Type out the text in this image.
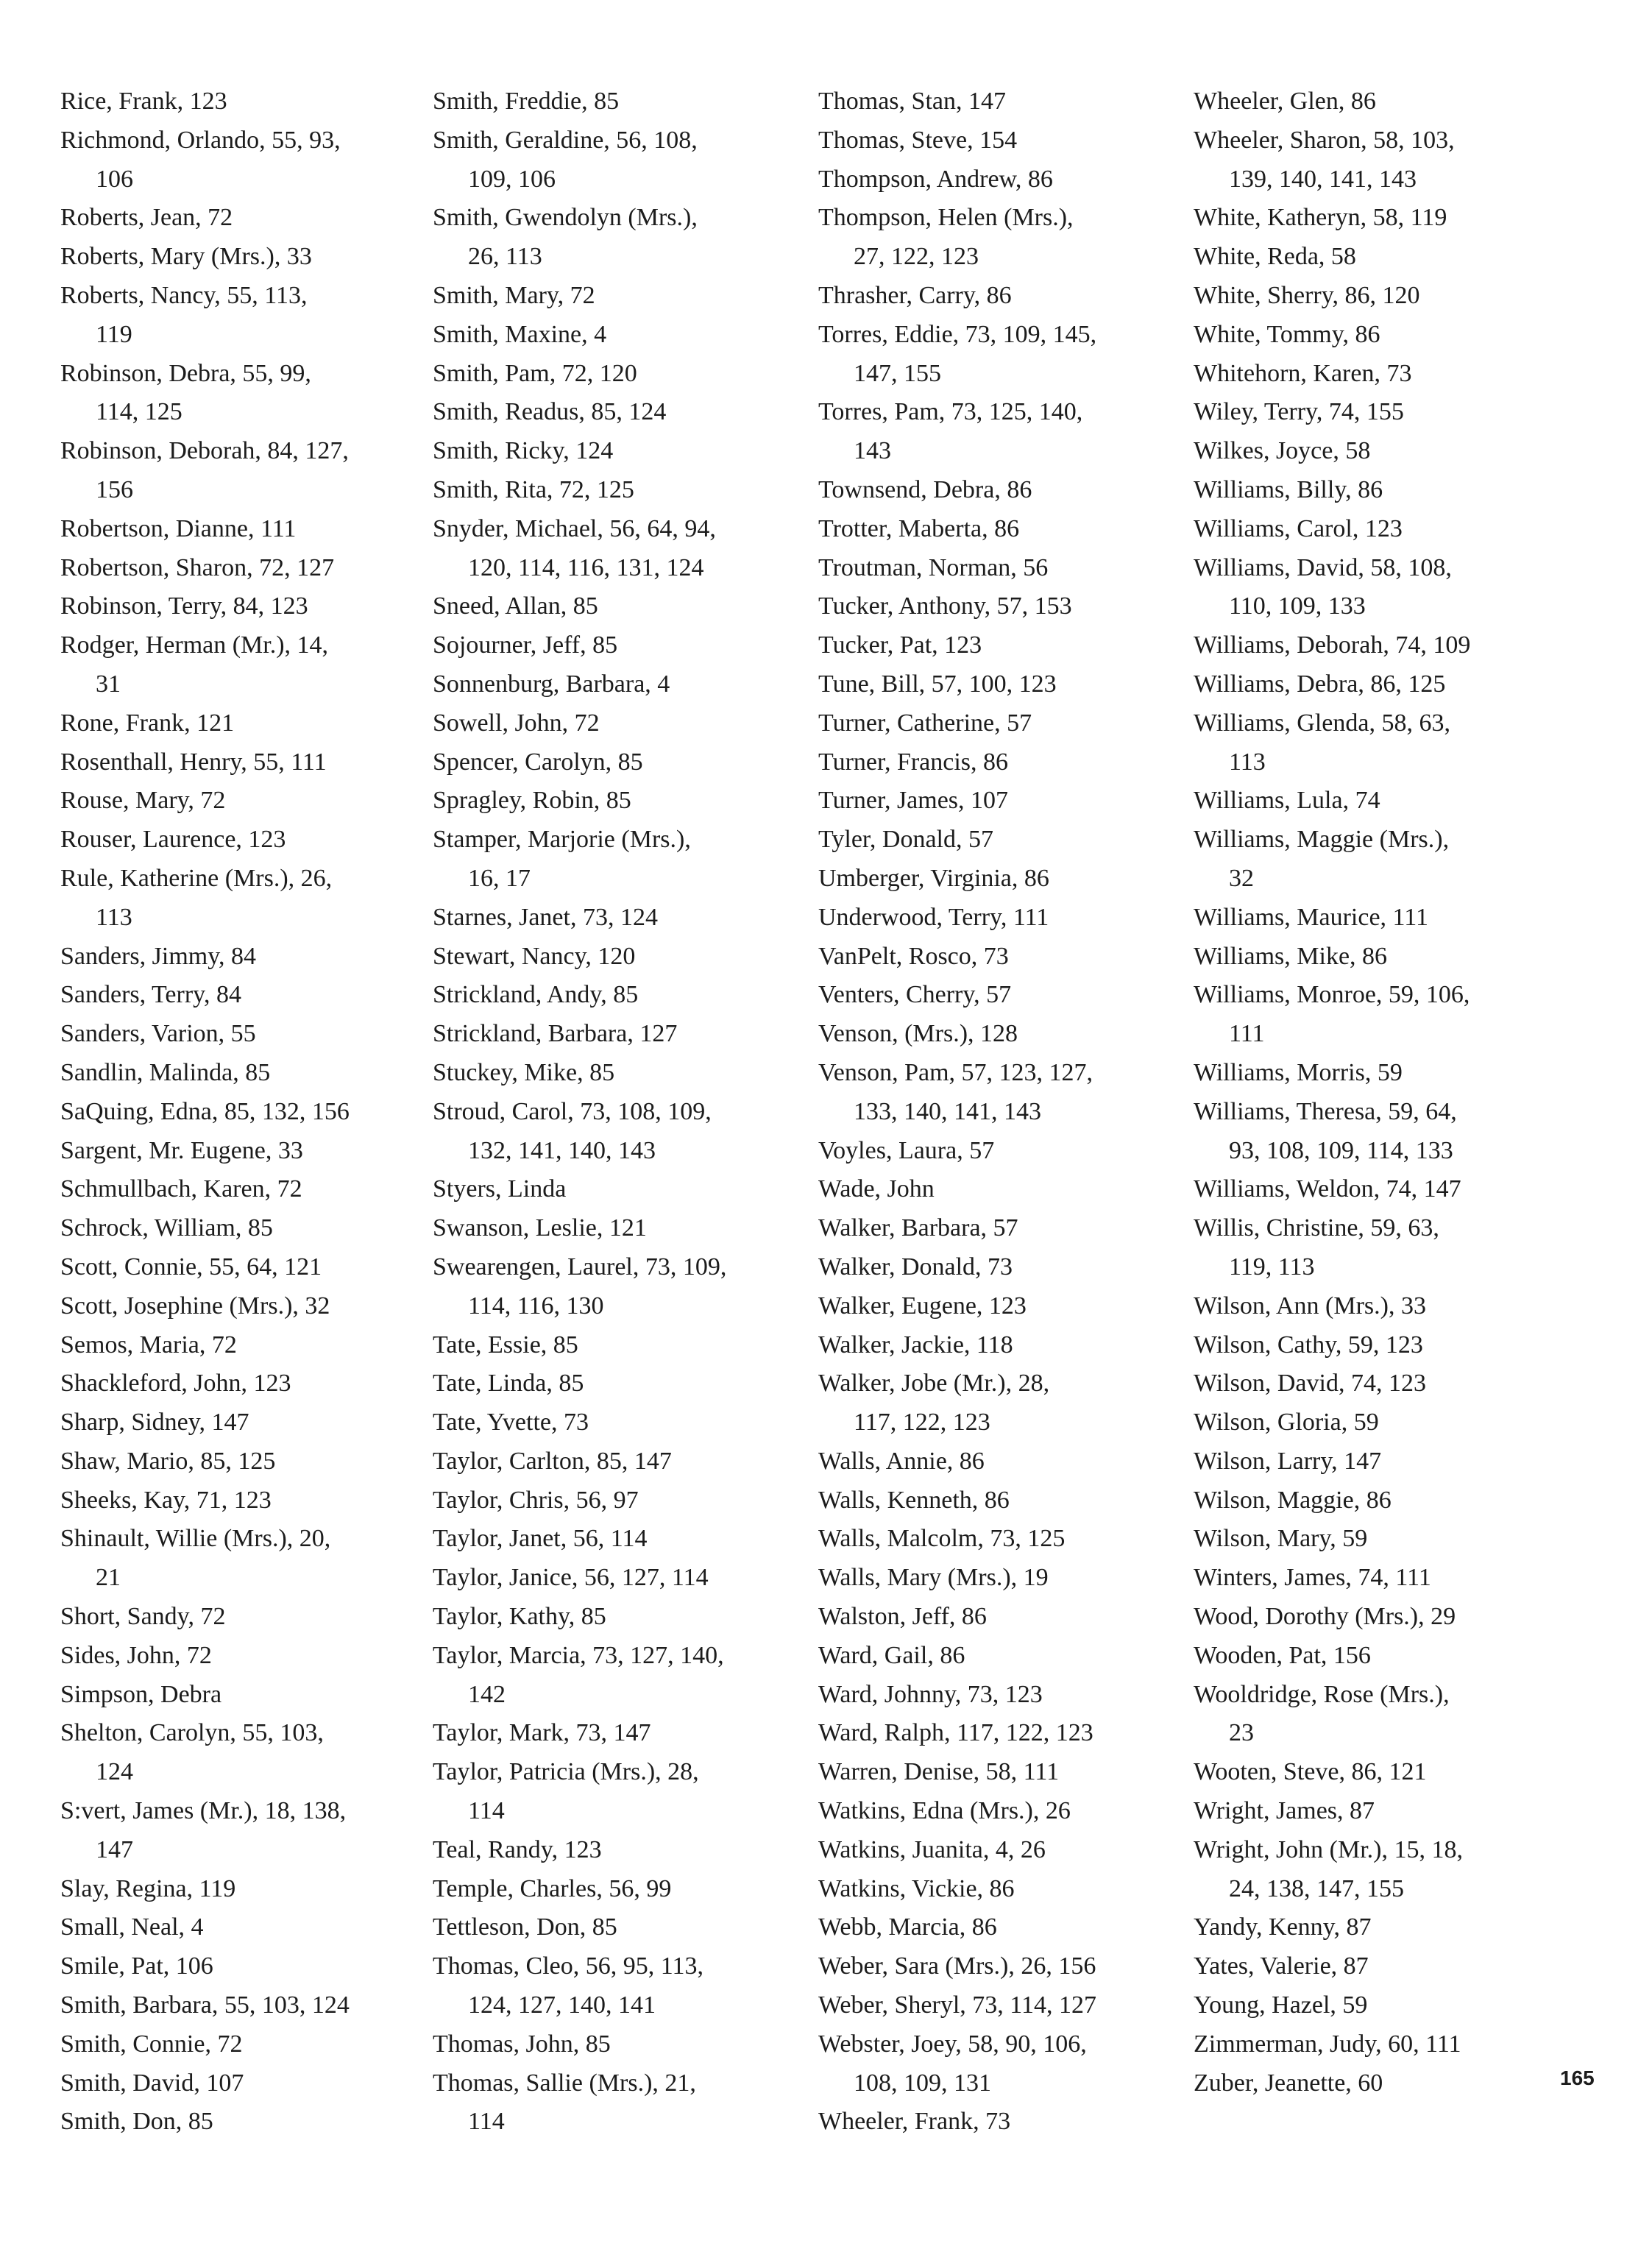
Rice, Frank, 123
Richmond, Orlando, 55, 93,
106
Roberts, Jean, 72
Roberts, Mary (Mrs.), 33
Roberts, Nancy, 55, 113,
119
Robinson, Debra, 55, 99,
114, 125
Robinson, Deborah, 84, 127,
156
Robertson, Dianne, 111
Robertson, Sharon, 72, 127
Robinson, Terry, 84, 123
Rodger, Herman (Mr.), 14,
31
Rone, Frank, 121
Rosenthall, Henry, 55, 111
Rouse, Mary, 72
Rouser, Laurence, 123
Rule, Katherine (Mrs.), 26,
113
Sanders, Jimmy, 84
Sanders, Terry, 84
Sanders, Varion, 55
Sandlin, Malinda, 85
SaQuing, Edna, 85, 132, 156
Sargent, Mr. Eugene, 33
Schmullbach, Karen, 72
Schrock, William, 85
Scott, Connie, 55, 64, 121
Scott, Josephine (Mrs.), 32
Semos, Maria, 72
Shackleford, John, 123
Sharp, Sidney, 147
Shaw, Mario, 85, 125
Sheeks, Kay, 71, 123
Shinault, Willie (Mrs.), 20,
21
Short, Sandy, 72
Sides, John, 72
Simpson, Debra
Shelton, Carolyn, 55, 103,
124
S:vert, James (Mr.), 18, 138,
147
Slay, Regina, 119
Small, Neal, 4
Smile, Pat, 106
Smith, Barbara, 55, 103, 124
Smith, Connie, 72
Smith, David, 107
Smith, Don, 85
Smith, Freddie, 85
Smith, Geraldine, 56, 108,
109, 106
Smith, Gwendolyn (Mrs.),
26, 113
Smith, Mary, 72
Smith, Maxine, 4
Smith, Pam, 72, 120
Smith, Readus, 85, 124
Smith, Ricky, 124
Smith, Rita, 72, 125
Snyder, Michael, 56, 64, 94,
120, 114, 116, 131, 124
Sneed, Allan, 85
Sojourner, Jeff, 85
Sonnenburg, Barbara, 4
Sowell, John, 72
Spencer, Carolyn, 85
Spragley, Robin, 85
Stamper, Marjorie (Mrs.),
16, 17
Starnes, Janet, 73, 124
Stewart, Nancy, 120
Strickland, Andy, 85
Strickland, Barbara, 127
Stuckey, Mike, 85
Stroud, Carol, 73, 108, 109,
132, 141, 140, 143
Styers, Linda
Swanson, Leslie, 121
Swearengen, Laurel, 73, 109,
114, 116, 130
Tate, Essie, 85
Tate, Linda, 85
Tate, Yvette, 73
Taylor, Carlton, 85, 147
Taylor, Chris, 56, 97
Taylor, Janet, 56, 114
Taylor, Janice, 56, 127, 114
Taylor, Kathy, 85
Taylor, Marcia, 73, 127, 140,
142
Taylor, Mark, 73, 147
Taylor, Patricia (Mrs.), 28,
114
Teal, Randy, 123
Temple, Charles, 56, 99
Tettleson, Don, 85
Thomas, Cleo, 56, 95, 113,
124, 127, 140, 141
Thomas, John, 85
Thomas, Sallie (Mrs.), 21,
114
Thomas, Stan, 147
Thomas, Steve, 154
Thompson, Andrew, 86
Thompson, Helen (Mrs.),
27, 122, 123
Thrasher, Carry, 86
Torres, Eddie, 73, 109, 145,
147, 155
Torres, Pam, 73, 125, 140,
143
Townsend, Debra, 86
Trotter, Maberta, 86
Troutman, Norman, 56
Tucker, Anthony, 57, 153
Tucker, Pat, 123
Tune, Bill, 57, 100, 123
Turner, Catherine, 57
Turner, Francis, 86
Turner, James, 107
Tyler, Donald, 57
Umberger, Virginia, 86
Underwood, Terry, 111
VanPelt, Rosco, 73
Venters, Cherry, 57
Venson, (Mrs.), 128
Venson, Pam, 57, 123, 127,
133, 140, 141, 143
Voyles, Laura, 57
Wade, John
Walker, Barbara, 57
Walker, Donald, 73
Walker, Eugene, 123
Walker, Jackie, 118
Walker, Jobe (Mr.), 28,
117, 122, 123
Walls, Annie, 86
Walls, Kenneth, 86
Walls, Malcolm, 73, 125
Walls, Mary (Mrs.), 19
Walston, Jeff, 86
Ward, Gail, 86
Ward, Johnny, 73, 123
Ward, Ralph, 117, 122, 123
Warren, Denise, 58, 111
Watkins, Edna (Mrs.), 26
Watkins, Juanita, 4, 26
Watkins, Vickie, 86
Webb, Marcia, 86
Weber, Sara (Mrs.), 26, 156
Weber, Sheryl, 73, 114, 127
Webster, Joey, 58, 90, 106,
108, 109, 131
Wheeler, Frank, 73
Wheeler, Glen, 86
Wheeler, Sharon, 58, 103,
139, 140, 141, 143
White, Katheryn, 58, 119
White, Reda, 58
White, Sherry, 86, 120
White, Tommy, 86
Whitehorn, Karen, 73
Wiley, Terry, 74, 155
Wilkes, Joyce, 58
Williams, Billy, 86
Williams, Carol, 123
Williams, David, 58, 108,
110, 109, 133
Williams, Deborah, 74, 109
Williams, Debra, 86, 125
Williams, Glenda, 58, 63,
113
Williams, Lula, 74
Williams, Maggie (Mrs.),
32
Williams, Maurice, 111
Williams, Mike, 86
Williams, Monroe, 59, 106,
111
Williams, Morris, 59
Williams, Theresa, 59, 64,
93, 108, 109, 114, 133
Williams, Weldon, 74, 147
Willis, Christine, 59, 63,
119, 113
Wilson, Ann (Mrs.), 33
Wilson, Cathy, 59, 123
Wilson, David, 74, 123
Wilson, Gloria, 59
Wilson, Larry, 147
Wilson, Maggie, 86
Wilson, Mary, 59
Winters, James, 74, 111
Wood, Dorothy (Mrs.), 29
Wooden, Pat, 156
Wooldridge, Rose (Mrs.),
23
Wooten, Steve, 86, 121
Wright, James, 87
Wright, John (Mr.), 15, 18,
24, 138, 147, 155
Yandy, Kenny, 87
Yates, Valerie, 87
Young, Hazel, 59
Zimmerman, Judy, 60, 111
Zuber, Jeanette, 60	165
